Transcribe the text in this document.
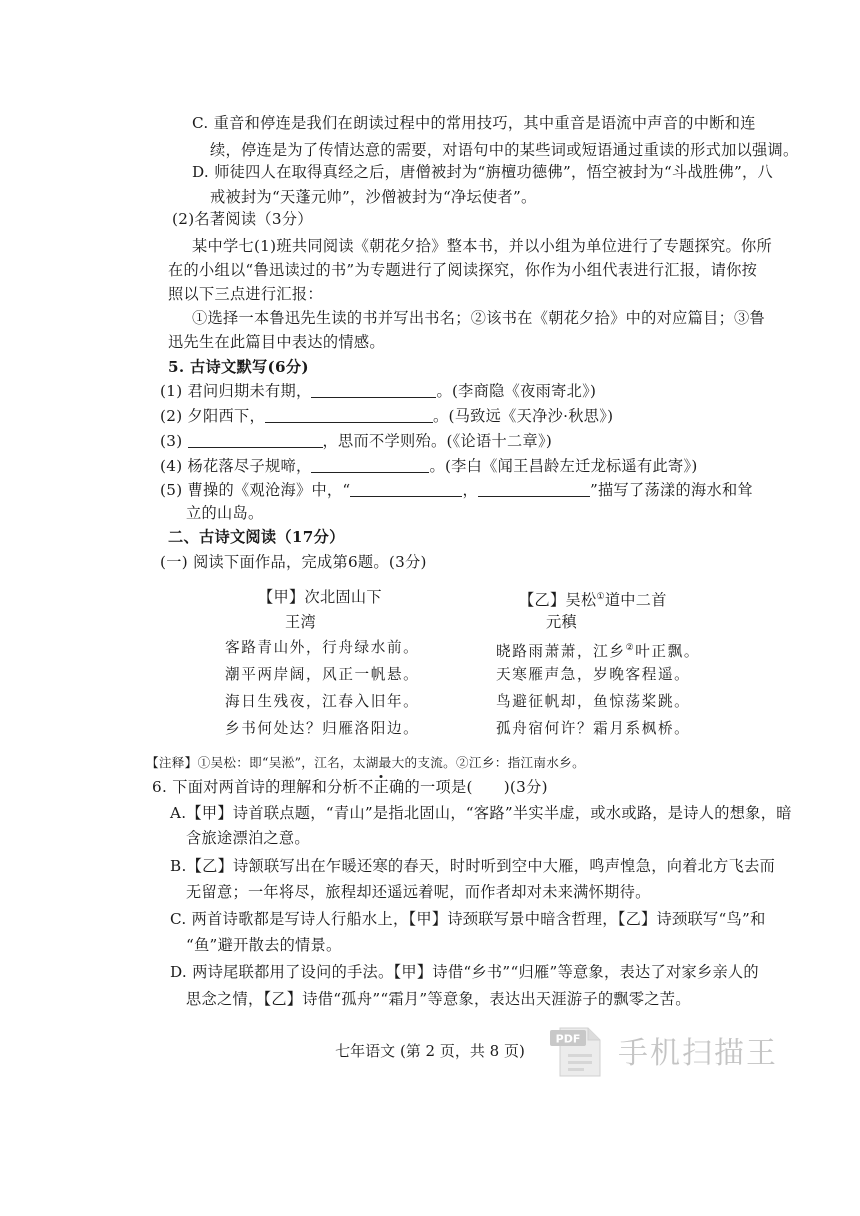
C. 重音和停连是我们在朗读过程中的常用技巧，其中重音是语流中声音的中断和连
续，停连是为了传情达意的需要，对语句中的某些词或短语通过重读的形式加以强调。
D. 师徒四人在取得真经之后，唐僧被封为“旃檀功德佛”，悟空被封为“斗战胜佛”，八
戒被封为“天蓬元帅”，沙僧被封为“净坛使者”。
(2)名著阅读（3分）
某中学七(1)班共同阅读《朝花夕拾》整本书，并以小组为单位进行了专题探究。你所
在的小组以“鲁迅读过的书”为专题进行了阅读探究，你作为小组代表进行汇报，请你按
照以下三点进行汇报：
①选择一本鲁迅先生读的书并写出书名；②该书在《朝花夕拾》中的对应篇目；③鲁
迅先生在此篇目中表达的情感。
5. 古诗文默写(6分)
(1) 君问归期未有期，	。(李商隐《夜雨寄北》)
(2) 夕阳西下，	。(马致远《天净沙·秋思》)
(3)	，思而不学则殆。(《论语十二章》)
(4) 杨花落尽子规啼，	。(李白《闻王昌龄左迁龙标遥有此寄》)
(5) 曹操的《观沧海》中，“	，	”描写了荡漾的海水和耸
立的山岛。
二、古诗文阅读（17分）
(一) 阅读下面作品，完成第6题。(3分)
【甲】次北固山下
王湾
客路青山外，行舟绿水前。
潮平两岸阔，风正一帆悬。
海日生残夜，江春入旧年。
乡书何处达？归雁洛阳边。
【乙】吴松①道中二首
元稹
晓路雨萧萧，江乡②叶正飘。
天寒雁声急，岁晚客程遥。
鸟避征帆却，鱼惊荡桨跳。
孤舟宿何许？霜月系枫桥。
【注释】①吴松：即“吴淞”，江名，太湖最大的支流。②江乡：指江南水乡。
6. 下面对两首诗的理解和分析不正确的一项是(　　)(3分)
A.【甲】诗首联点题，“青山”是指北固山，“客路”半实半虚，或水或路，是诗人的想象，暗
含旅途漂泊之意。
B.【乙】诗颔联写出在乍暖还寒的春天，时时听到空中大雁，鸣声惶急，向着北方飞去而
无留意；一年将尽，旅程却还遥远着呢，而作者却对未来满怀期待。
C. 两首诗歌都是写诗人行船水上，【甲】诗颈联写景中暗含哲理，【乙】诗颈联写“鸟”和
“鱼”避开散去的情景。
D. 两诗尾联都用了设问的手法。【甲】诗借“乡书”“归雁”等意象，表达了对家乡亲人的
思念之情，【乙】诗借“孤舟”“霜月”等意象，表达出天涯游子的飘零之苦。
七年语文 (第 2 页，共 8 页)
PDF 手机扫描王
